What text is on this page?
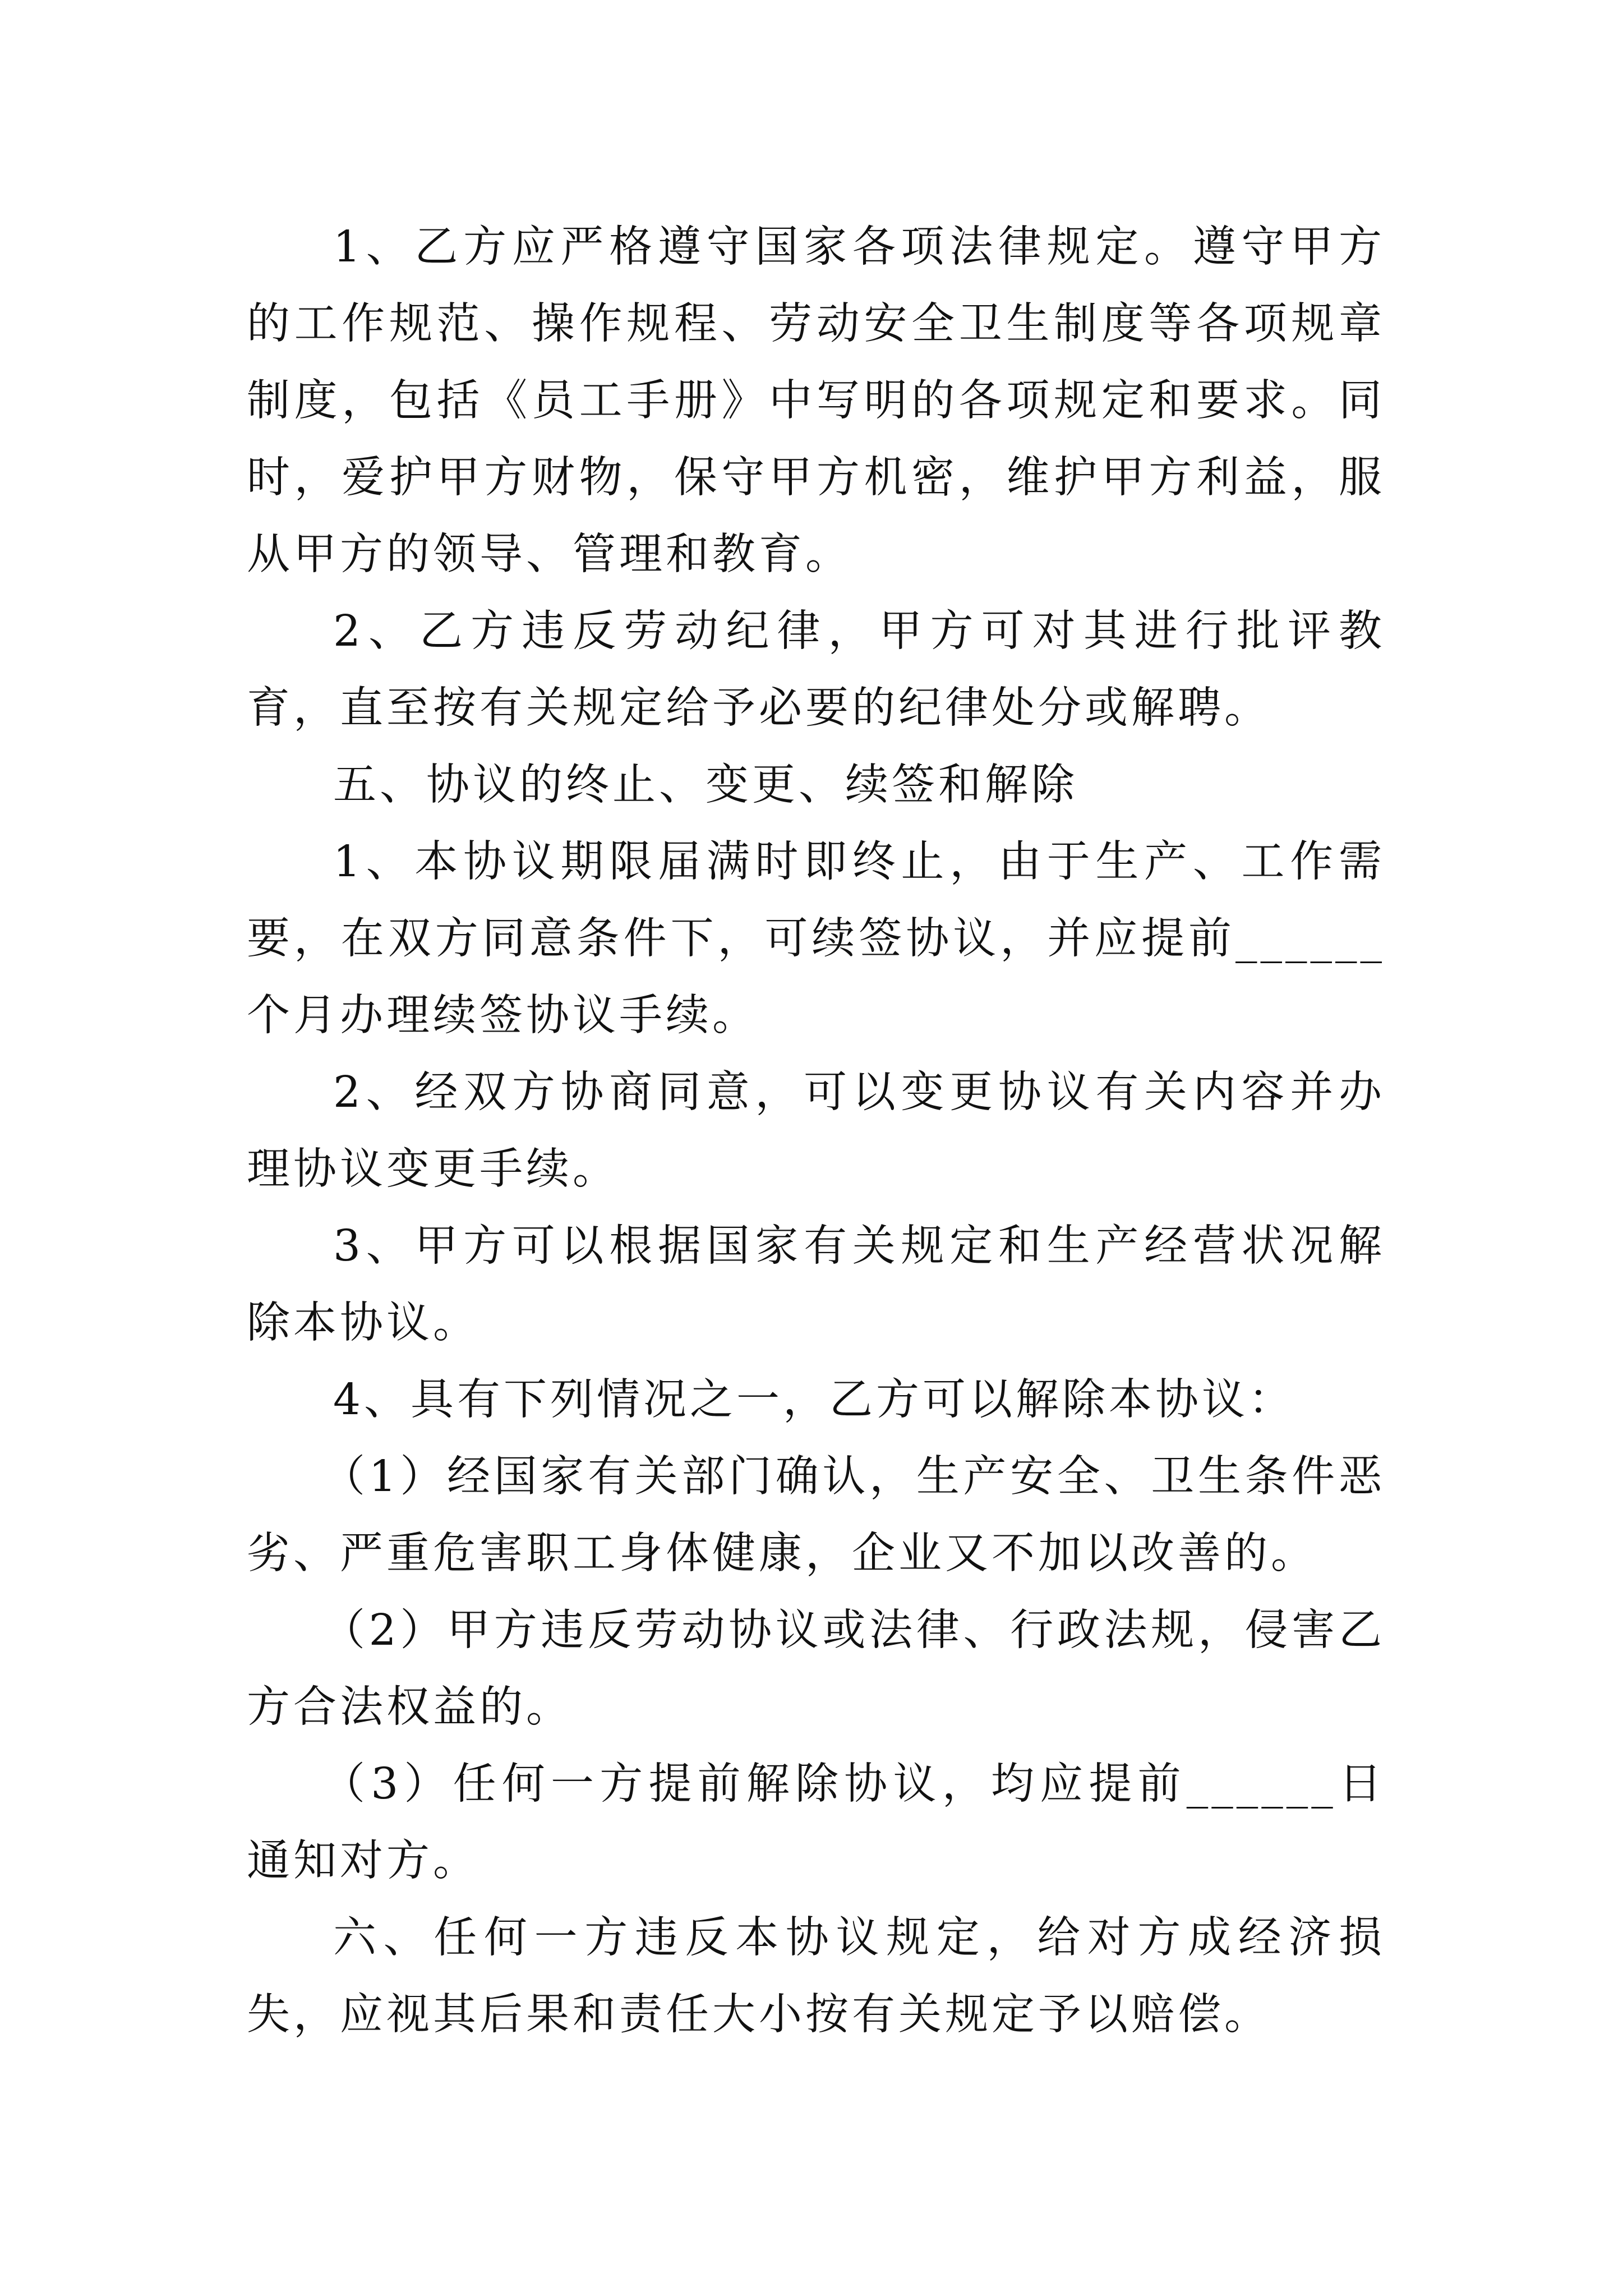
1、乙方应严格遵守国家各项法律规定。遵守甲方的工作规范、操作规程、劳动安全卫生制度等各项规章制度，包括《员工手册》中写明的各项规定和要求。同时，爱护甲方财物，保守甲方机密，维护甲方利益，服从甲方的领导、管理和教育。

2、乙方违反劳动纪律，甲方可对其进行批评教育，直至按有关规定给予必要的纪律处分或解聘。

五、协议的终止、变更、续签和解除

1、本协议期限届满时即终止，由于生产、工作需要，在双方同意条件下，可续签协议，并应提前______个月办理续签协议手续。

2、经双方协商同意，可以变更协议有关内容并办理协议变更手续。

3、甲方可以根据国家有关规定和生产经营状况解除本协议。

4、具有下列情况之一，乙方可以解除本协议：

（1）经国家有关部门确认，生产安全、卫生条件恶劣、严重危害职工身体健康，企业又不加以改善的。

（2）甲方违反劳动协议或法律、行政法规，侵害乙方合法权益的。

（3）任何一方提前解除协议，均应提前______日通知对方。

六、任何一方违反本协议规定，给对方成经济损失，应视其后果和责任大小按有关规定予以赔偿。
